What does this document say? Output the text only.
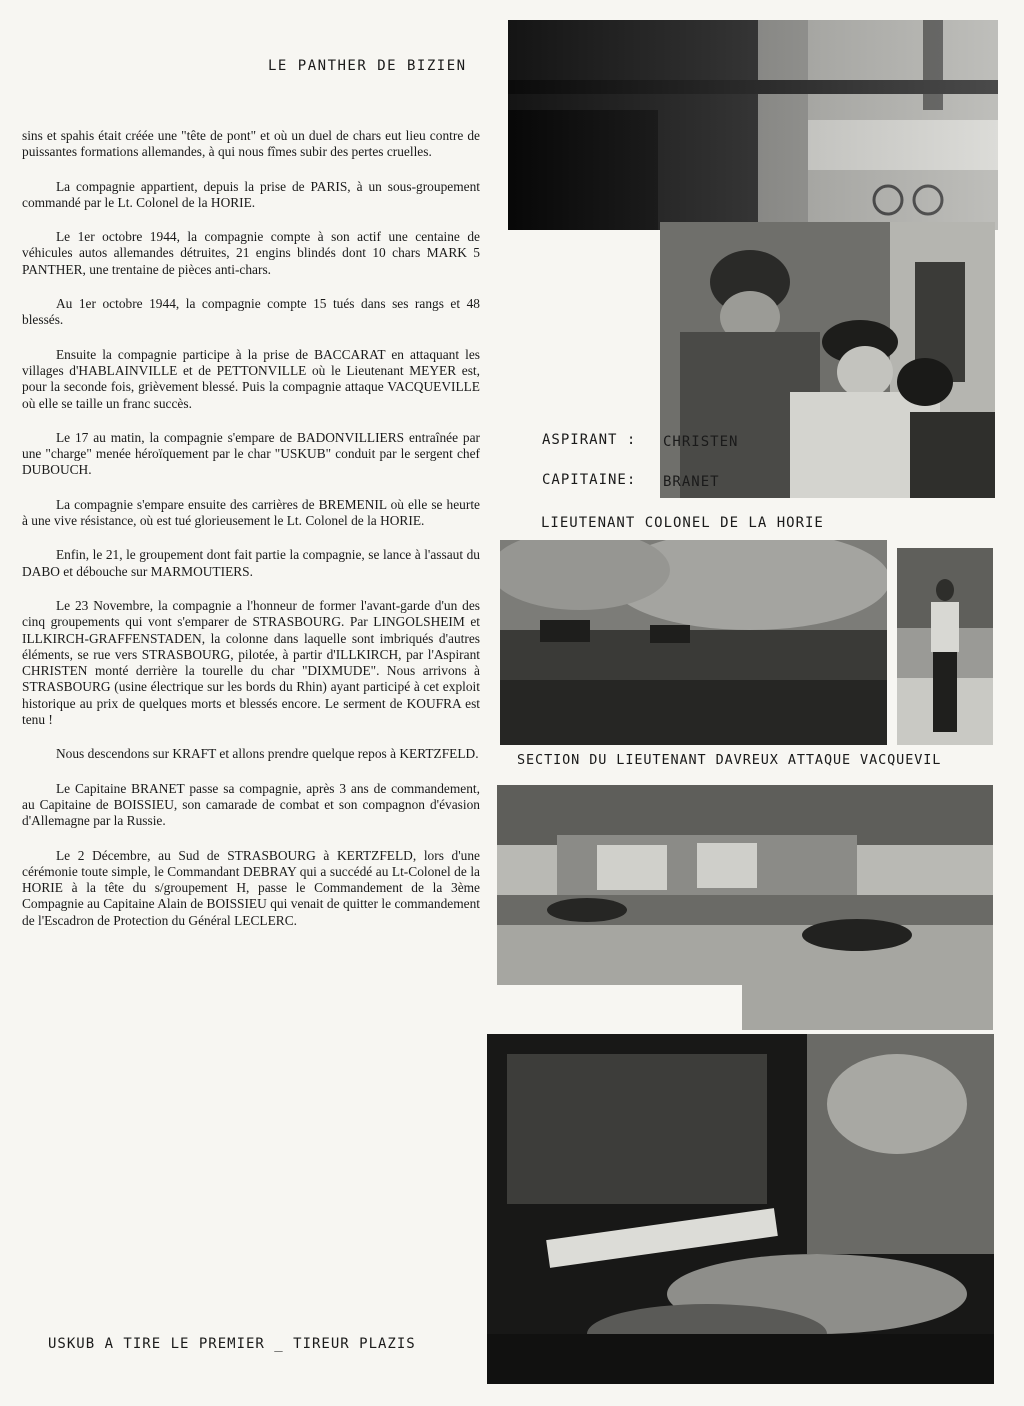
LE PANTHER DE BIZIEN

sins et spahis était créée une "tête de pont" et où un duel de chars eut lieu contre de puissantes formations allemandes, à qui nous fîmes subir des pertes cruelles.

La compagnie appartient, depuis la prise de PARIS, à un sous-groupement commandé par le Lt. Colonel de la HORIE.

Le 1er octobre 1944, la compagnie compte à son actif une centaine de véhicules autos allemandes détruites, 21 engins blindés dont 10 chars MARK 5 PANTHER, une trentaine de pièces anti-chars.

Au 1er octobre 1944, la compagnie compte 15 tués dans ses rangs et 48 blessés.

Ensuite la compagnie participe à la prise de BACCARAT en attaquant les villages d'HABLAINVILLE et de PETTONVILLE où le Lieutenant MEYER est, pour la seconde fois, grièvement blessé. Puis la compagnie attaque VACQUEVILLE où elle se taille un franc succès.

Le 17 au matin, la compagnie s'empare de BADONVILLIERS entraînée par une "charge" menée héroïquement par le char "USKUB" conduit par le sergent chef DUBOUCH.

La compagnie s'empare ensuite des carrières de BREMENIL où elle se heurte à une vive résistance, où est tué glorieusement le Lt. Colonel de la HORIE.

Enfin, le 21, le groupement dont fait partie la compagnie, se lance à l'assaut du DABO et débouche sur MARMOUTIERS.

Le 23 Novembre, la compagnie a l'honneur de former l'avant-garde d'un des cinq groupements qui vont s'emparer de STRASBOURG. Par LINGOLSHEIM et ILLKIRCH-GRAFFENSTADEN, la colonne dans laquelle sont imbriqués d'autres éléments, se rue vers STRASBOURG, pilotée, à partir d'ILLKIRCH, par l'Aspirant CHRISTEN monté derrière la tourelle du char "DIXMUDE". Nous arrivons à STRASBOURG (usine électrique sur les bords du Rhin) ayant participé à cet exploit historique au prix de quelques morts et blessés encore. Le serment de KOUFRA est tenu !

Nous descendons sur KRAFT et allons prendre quelque repos à KERTZFELD.

Le Capitaine BRANET passe sa compagnie, après 3 ans de commandement, au Capitaine de BOISSIEU, son camarade de combat et son compagnon d'évasion d'Allemagne par la Russie.

Le 2 Décembre, au Sud de STRASBOURG à KERTZFELD, lors d'une cérémonie toute simple, le Commandant DEBRAY qui a succédé au Lt-Colonel de la HORIE à la tête du s/groupement H, passe le Commandement de la 3ème Compagnie au Capitaine Alain de BOISSIEU qui venait de quitter le commandement de l'Escadron de Protection du Général LECLERC.

ASPIRANT : CHRISTEN
CAPITAINE: BRANET
LIEUTENANT COLONEL DE LA HORIE
SECTION DU LIEUTENANT DAVREUX ATTAQUE VACQUEVIL
USKUB A TIRE LE PREMIER _ TIREUR PLAZIS
